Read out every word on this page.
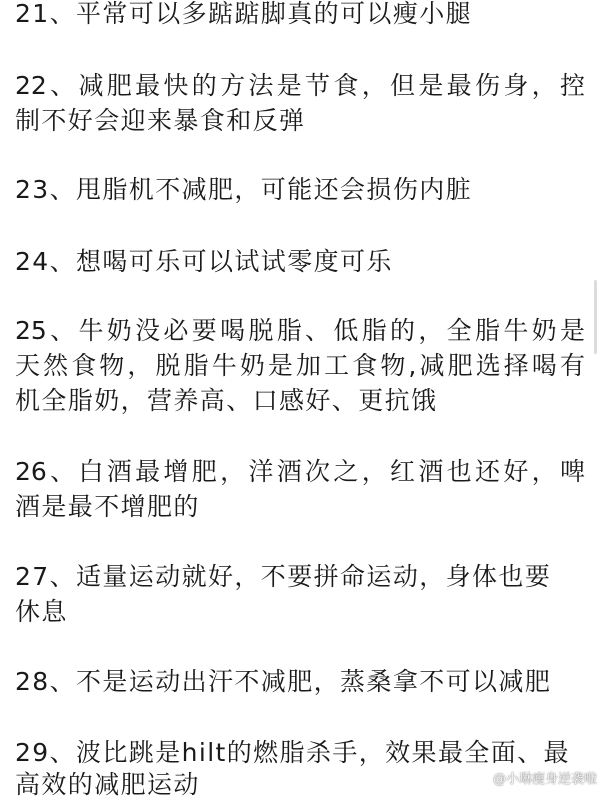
21、平常可以多踮踮脚真的可以瘦小腿
22、减肥最快的方法是节食，但是最伤身，控
制不好会迎来暴食和反弹
23、甩脂机不减肥，可能还会损伤内脏
24、想喝可乐可以试试零度可乐
25、牛奶没必要喝脱脂、低脂的，全脂牛奶是
天然食物，脱脂牛奶是加工食物,减肥选择喝有
机全脂奶，营养高、口感好、更抗饿
26、白酒最增肥，洋酒次之，红酒也还好，啤
酒是最不增肥的
27、适量运动就好，不要拼命运动，身体也要
休息
28、不是运动出汗不减肥，蒸桑拿不可以减肥
29、波比跳是hilt的燃脂杀手，效果最全面、最
高效的减肥运动	@小琳瘦身逆袭啦
